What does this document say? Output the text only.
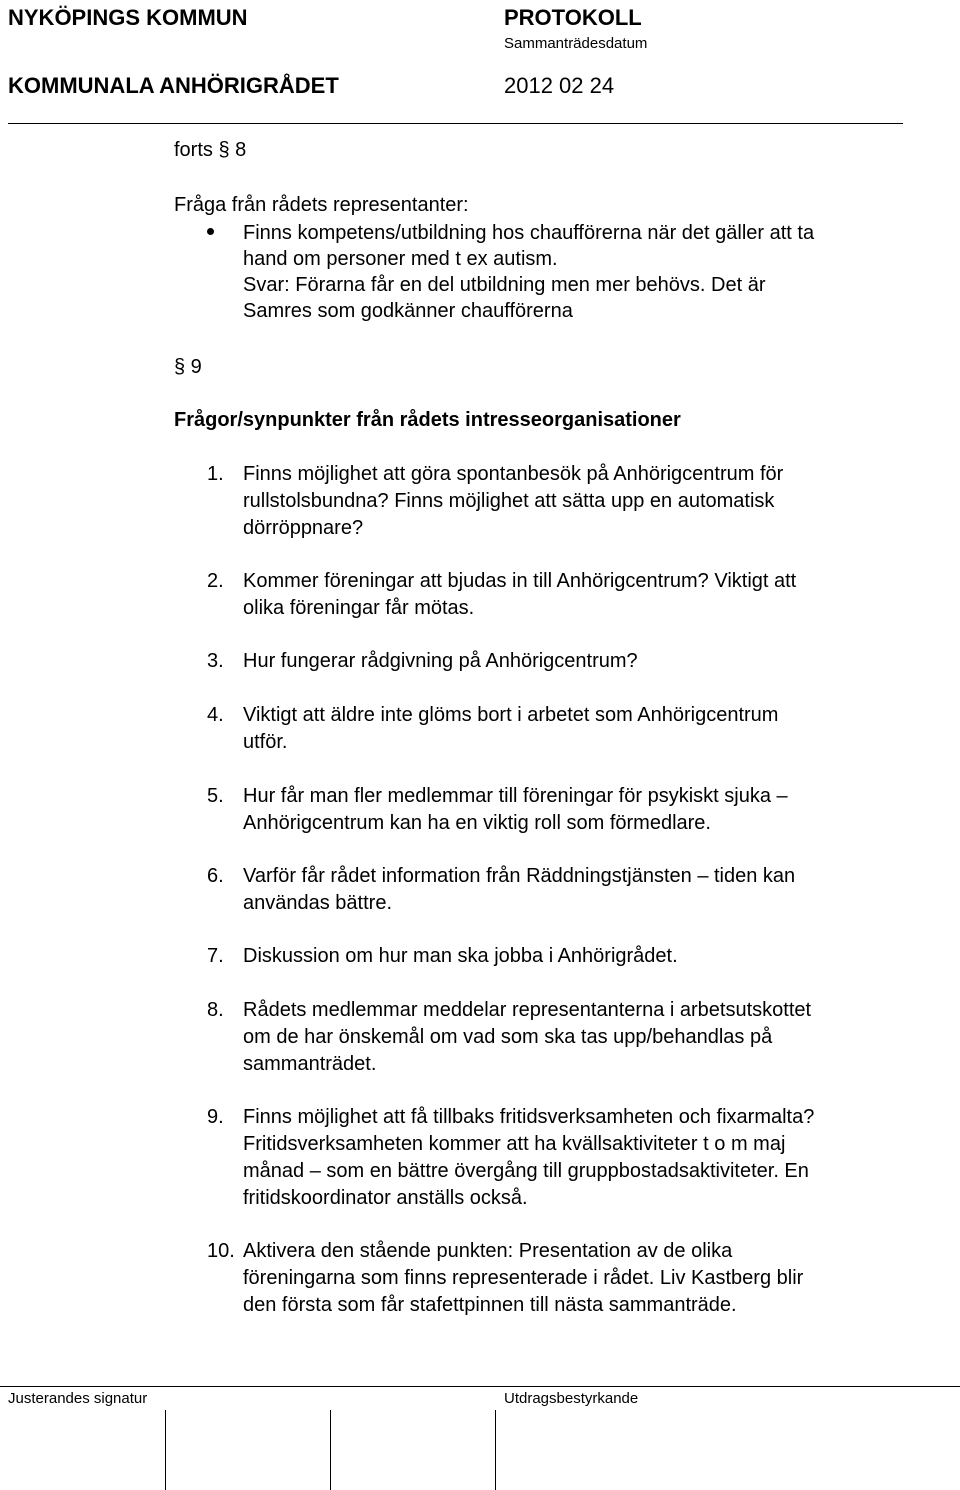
NYKÖPINGS KOMMUN	PROTOKOLL
Sammanträdesdatum
KOMMUNALA ANHÖRIGRÅDET	2012 02 24
forts § 8
Fråga från rådets representanter:
Finns kompetens/utbildning hos chaufförerna när det gäller att ta
hand om personer med t ex autism.
Svar: Förarna får en del utbildning men mer behövs. Det är
Samres som godkänner chaufförerna
§ 9
Frågor/synpunkter från rådets intresseorganisationer
1. Finns möjlighet att göra spontanbesök på Anhörigcentrum för
rullstolsbundna? Finns möjlighet att sätta upp en automatisk
dörröppnare?
2. Kommer föreningar att bjudas in till Anhörigcentrum? Viktigt att
olika föreningar får mötas.
3. Hur fungerar rådgivning på Anhörigcentrum?
4. Viktigt att äldre inte glöms bort i arbetet som Anhörigcentrum
utför.
5. Hur får man fler medlemmar till föreningar för psykiskt sjuka –
Anhörigcentrum kan ha en viktig roll som förmedlare.
6. Varför får rådet information från Räddningstjänsten – tiden kan
användas bättre.
7. Diskussion om hur man ska jobba i Anhörigrådet.
8. Rådets medlemmar meddelar representanterna i arbetsutskottet
om de har önskemål om vad som ska tas upp/behandlas på
sammanträdet.
9. Finns möjlighet att få tillbaks fritidsverksamheten och fixarmalta?
Fritidsverksamheten kommer att ha kvällsaktiviteter t o m maj
månad – som en bättre övergång till gruppbostadsaktiviteter. En
fritidskoordinator anställs också.
10. Aktivera den stående punkten: Presentation av de olika
föreningarna som finns representerade i rådet. Liv Kastberg blir
den första som får stafettpinnen till nästa sammanträde.
Justerandes signatur	Utdragsbestyrkande
